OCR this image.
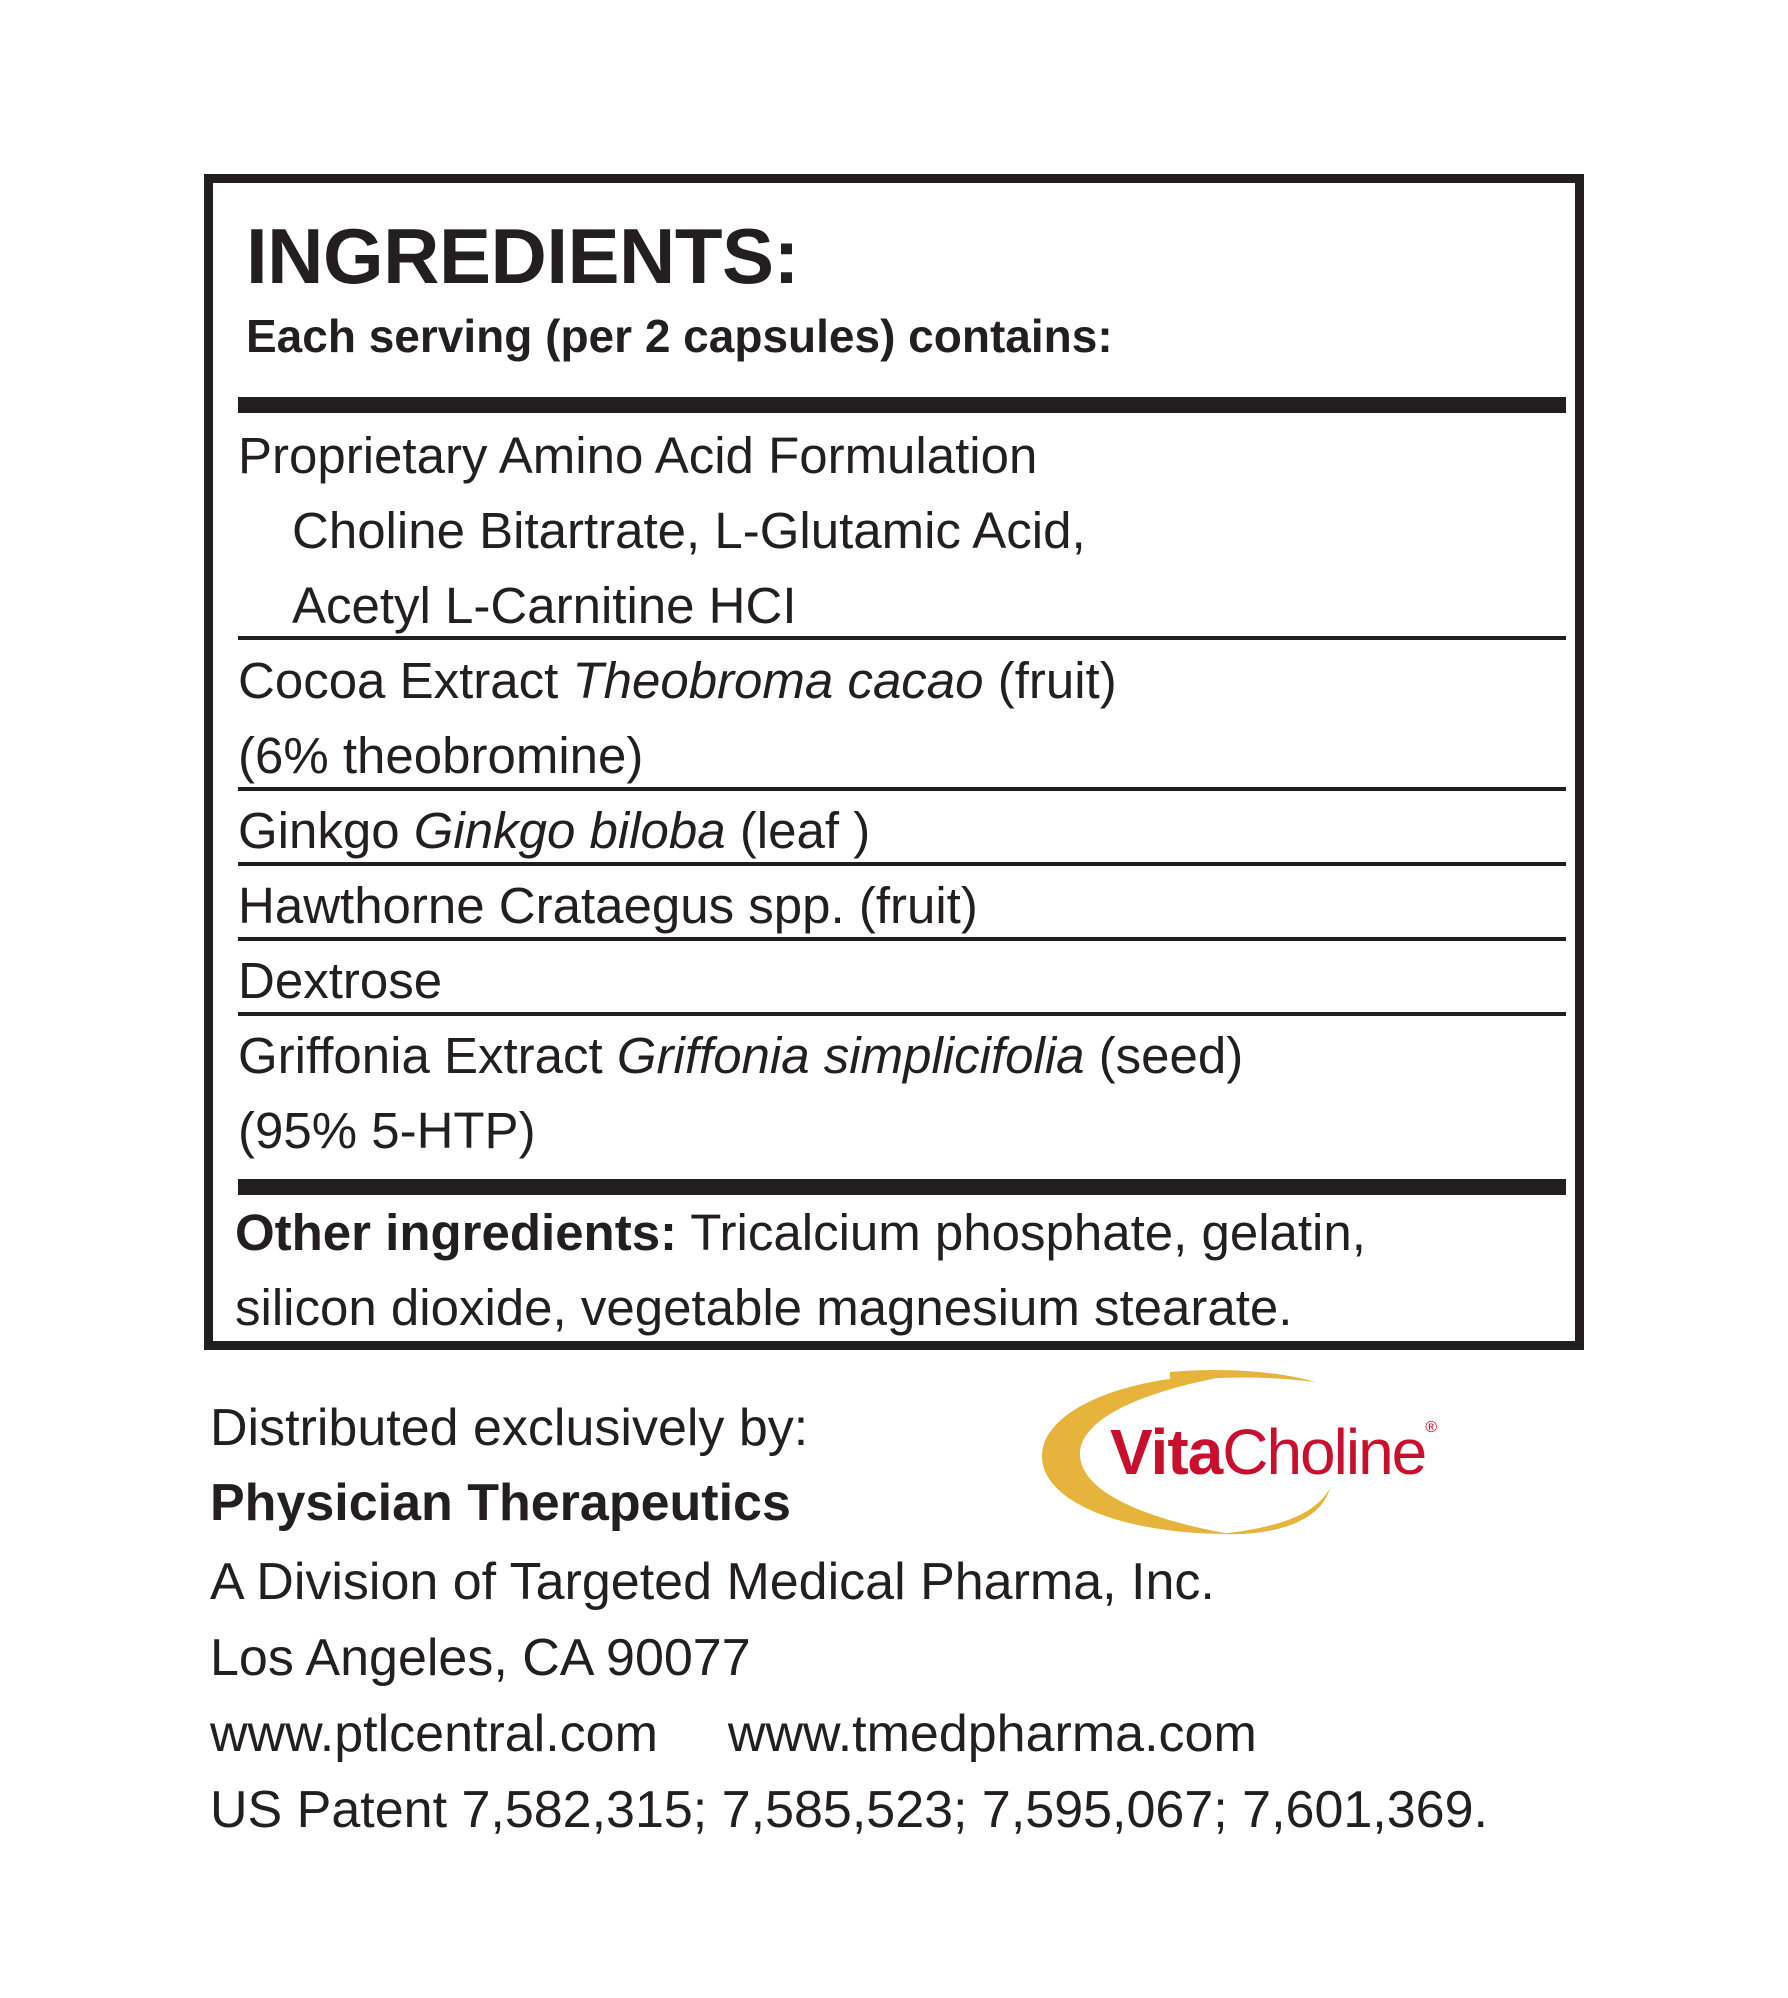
INGREDIENTS:

Each serving (per 2 capsules) contains:

Proprietary Amino Acid Formulation

Choline Bitartrate, L-Glutamic Acid,

Acetyl L-Carnitine HCI

Cocoa Extract Theobroma cacao (fruit)

(6% theobromine)

Ginkgo Ginkgo biloba (leaf )

Hawthorne Crataegus spp. (fruit)

Dextrose

Griffonia Extract Griffonia simplicifolia (seed)

(95% 5-HTP)

Other ingredients: Tricalcium phosphate, gelatin,

silicon dioxide, vegetable magnesium stearate.

Distributed exclusively by:

Physician Therapeutics

A Division of Targeted Medical Pharma, Inc.

Los Angeles, CA 90077

www.ptlcentral.com www.tmedpharma.com

US Patent 7,582,315; 7,585,523; 7,595,067; 7,601,369.

VitaCholine®
